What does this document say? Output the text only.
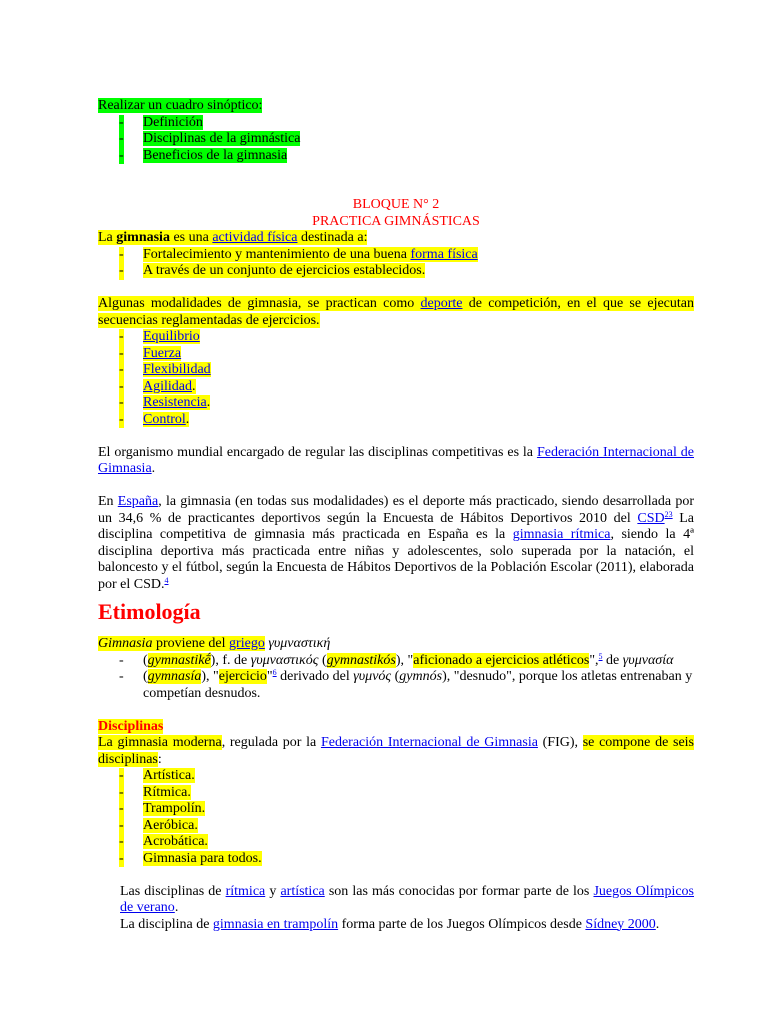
Realizar un cuadro sinóptico:

- Definición
- Disciplinas de la gimnástica
- Beneficios de la gimnasia

BLOQUE N° 2

PRACTICA GIMNÁSTICAS

La gimnasia es una actividad física destinada a:

- Fortalecimiento y mantenimiento de una buena forma física
- A través de un conjunto de ejercicios establecidos.

Algunas modalidades de gimnasia, se practican como deporte de competición, en el que se ejecutan secuencias reglamentadas de ejercicios.

- Equilibrio
- Fuerza
- Flexibilidad
- Agilidad.
- Resistencia.
- Control.

El organismo mundial encargado de regular las disciplinas competitivas es la Federación Internacional de Gimnasia.

En España, la gimnasia (en todas sus modalidades) es el deporte más practicado, siendo desarrollada por un 34,6 % de practicantes deportivos según la Encuesta de Hábitos Deportivos 2010 del CSD$^{23}$ La disciplina competitiva de gimnasia más practicada en España es la gimnasia rítmica, siendo la 4ª disciplina deportiva más practicada entre niñas y adolescentes, solo superada por la natación, el baloncesto y el fútbol, según la Encuesta de Hábitos Deportivos de la Población Escolar (2011), elaborada por el CSD.$^4$

Etimología

Gimnasia proviene del griego γυμναστική

- (gymnastikḗ), f. de γυμναστικός (gymnastikós), "aficionado a ejercicios atléticos",$^5$ de γυμνασία
- (gymnasía), "ejercicio"$^6$ derivado del γυμνός (gymnós), "desnudo", porque los atletas entrenaban y competían desnudos.

Disciplinas

La gimnasia moderna, regulada por la Federación Internacional de Gimnasia (FIG), se compone de seis disciplinas:

- Artística.
- Rítmica.
- Trampolín.
- Aeróbica.
- Acrobática.
- Gimnasia para todos.

Las disciplinas de rítmica y artística son las más conocidas por formar parte de los Juegos Olímpicos de verano.

La disciplina de gimnasia en trampolín forma parte de los Juegos Olímpicos desde Sídney 2000.
